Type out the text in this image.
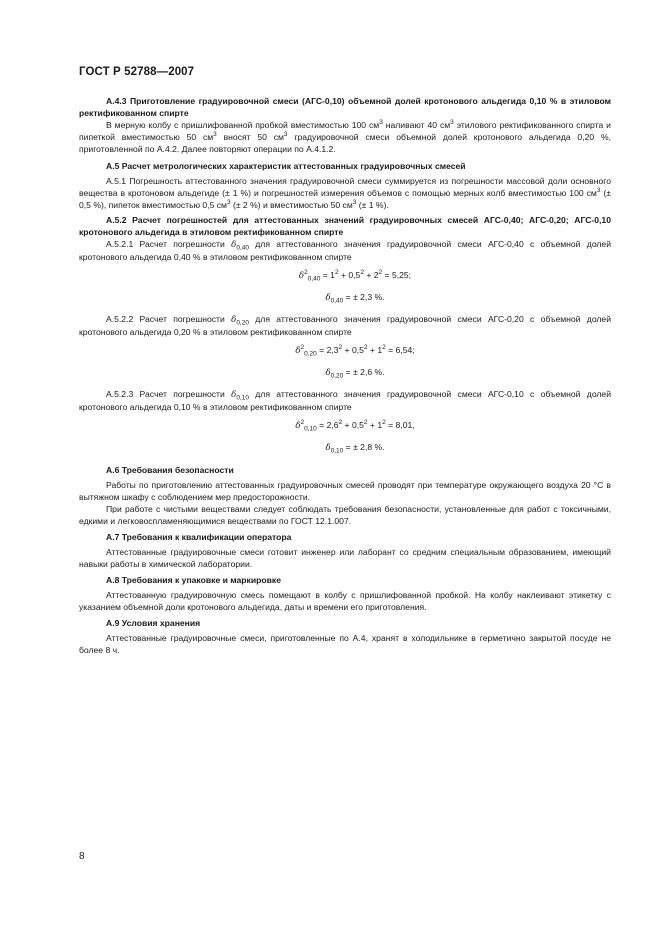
ГОСТ Р 52788—2007

А.4.3 Приготовление градуировочной смеси (АГС-0,10) объемной долей кротонового альдегида 0,10 % в этиловом ректификованном спирте

В мерную колбу с пришлифованной пробкой вместимостью 100 $см^3$ наливают 40 $см^3$ этилового ректификованного спирта и пипеткой вместимостью 50 $см^3$ вносят 50 $см^3$ градуировочной смеси объемной долей кротонового альдегида 0,20 %, приготовленной по А.4.2. Далее повторяют операции по А.4.1.2.

А.5 Расчет метрологических характеристик аттестованных градуировочных смесей

А.5.1 Погрешность аттестованного значения градуировочной смеси суммируется из погрешности массовой доли основного вещества в кротоновом альдегиде (± 1 %) и погрешностей измерения объемов с помощью мерных колб вместимостью 100 $см^3$ (± 0,5 %), пипеток вместимостью 0,5 $см^3$ (± 2 %) и вместимостью 50 $см^3$ (± 1 %).

А.5.2 Расчет погрешностей для аттестованных значений градуировочных смесей АГС-0,40; АГС-0,20; АГС-0,10 кротонового альдегида в этиловом ректификованном спирте

А.5.2.1 Расчет погрешности $\delta_{0,40}$ для аттестованного значения градуировочной смеси АГС-0,40 с объемной долей кротонового альдегида 0,40 % в этиловом ректификованном спирте

$\delta^2_{0,40} = 1^2 + 0,5^2 + 2^2 = 5,25$;

$\delta_{0,40}$ = ± 2,3 %.

А.5.2.2 Расчет погрешности $\delta_{0,20}$ для аттестованного значения градуировочной смеси АГС-0,20 с объемной долей кротонового альдегида 0,20 % в этиловом ректификованном спирте

$\delta^2_{0,20} = 2,3^2 + 0,5^2 + 1^2 = 6,54$;

$\delta_{0,20}$ = ± 2,6 %.

А.5.2.3 Расчет погрешности $\delta_{0,10}$ для аттестованного значения градуировочной смеси АГС-0,10 с объемной долей кротонового альдегида 0,10 % в этиловом ректификованном спирте

$\delta^2_{0,10} = 2,6^2 + 0,5^2 + 1^2 = 8,01$,

$\delta_{0,10}$ = ± 2,8 %.

А.6 Требования безопасности

Работы по приготовлению аттестованных градуировочных смесей проводят при температуре окружающего воздуха 20 °С в вытяжном шкафу с соблюдением мер предосторожности.

При работе с чистыми веществами следует соблюдать требования безопасности, установленные для работ с токсичными, едкими и легковоспламеняющимися веществами по ГОСТ 12.1.007.

А.7 Требования к квалификации оператора

Аттестованные градуировочные смеси готовит инженер или лаборант со средним специальным образованием, имеющий навыки работы в химической лаборатории.

А.8 Требования к упаковке и маркировке

Аттестованную градуировочную смесь помещают в колбу с пришлифованной пробкой. На колбу наклеивают этикетку с указанием объемной доли кротонового альдегида, даты и времени его приготовления.

А.9 Условия хранения

Аттестованные градуировочные смеси, приготовленные по А.4, хранят в холодильнике в герметично закрытой посуде не более 8 ч.

8
